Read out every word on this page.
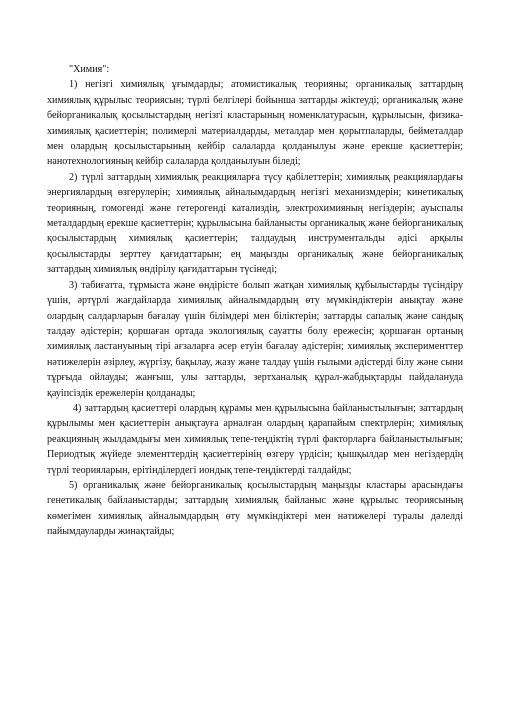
"Химия":

1) негізгі химиялық ұғымдарды; атомистикалық теорияны; органикалық заттардың химиялық құрылыс теориясын; түрлі белгілері бойынша заттарды жіктеуді; органикалық және бейорганикалық қосылыстардың негізгі кластарының номенклатурасын, құрылысын, физика-химиялық қасиеттерін; полимерлі материалдарды, металдар мен қорытпаларды, бейметалдар мен олардың қосылыстарының кейбір салаларда қолданылуы және ерекше қасиеттерін; нанотехнологияның кейбір салаларда қолданылуын біледі;

2) түрлі заттардың химиялық реакцияларға түсу қабілеттерін; химиялық реакциялардағы энергиялардың өзгерулерін; химиялық айналымдардың негізгі механизмдерін; кинетикалық теорияның, гомогенді және гетерогенді катализдің, электрохимияның негіздерін; ауыспалы металдардың ерекше қасиеттерін; құрылысына байланысты органикалық және бейорганикалық қосылыстардың химиялық қасиеттерін; талдаудың инструментальды әдісі арқылы қосылыстарды зерттеу қағидаттарын; ең маңызды органикалық және бейорганикалық заттардың химиялық өндірілу қағидаттарын түсінеді;

3) табиғатта, тұрмыста және өндірісте болып жатқан химиялық құбылыстарды түсіндіру үшін, әртүрлі жағдайларда химиялық айналымдардың өту мүмкіндіктерін анықтау және олардың салдарларын бағалау үшін білімдері мен біліктерін; заттарды сапалық және сандық талдау әдістерін; қоршаған ортада экологиялық сауатты болу ережесін; қоршаған ортаның химиялық ластануының тірі ағзаларға әсер етуін бағалау әдістерін; химиялық эксперименттер нәтижелерін әзірлеу, жүргізу, бақылау, жазу және талдау үшін ғылыми әдістерді білу және сыни тұрғыда ойлауды; жанғыш, улы заттарды, зертханалық құрал-жабдықтарды пайдалануда қауіпсіздік ережелерін қолданады;

4) заттардың қасиеттері олардың құрамы мен құрылысына байланыстылығын; заттардың құрылымы мен қасиеттерін анықтауға арналған олардың қарапайым спектрлерін; химиялық реакцияның жылдамдығы мен химиялық тепе-теңдіктің түрлі факторларға байланыстылығын; Периодтық жүйеде элементтердің қасиеттерінің өзгеру үрдісін; қышқылдар мен негіздердің түрлі теорияларын, ерітінділердегі иондық тепе-теңдіктерді талдайды;

5) органикалық және бейорганикалық қосылыстардың маңызды кластары арасындағы генетикалық байланыстарды; заттардың химиялық байланыс және құрылыс теориясының көмегімен химиялық айналымдардың өту мүмкіндіктері мен нәтижелері туралы дәлелді пайымдауларды жинақтайды;
